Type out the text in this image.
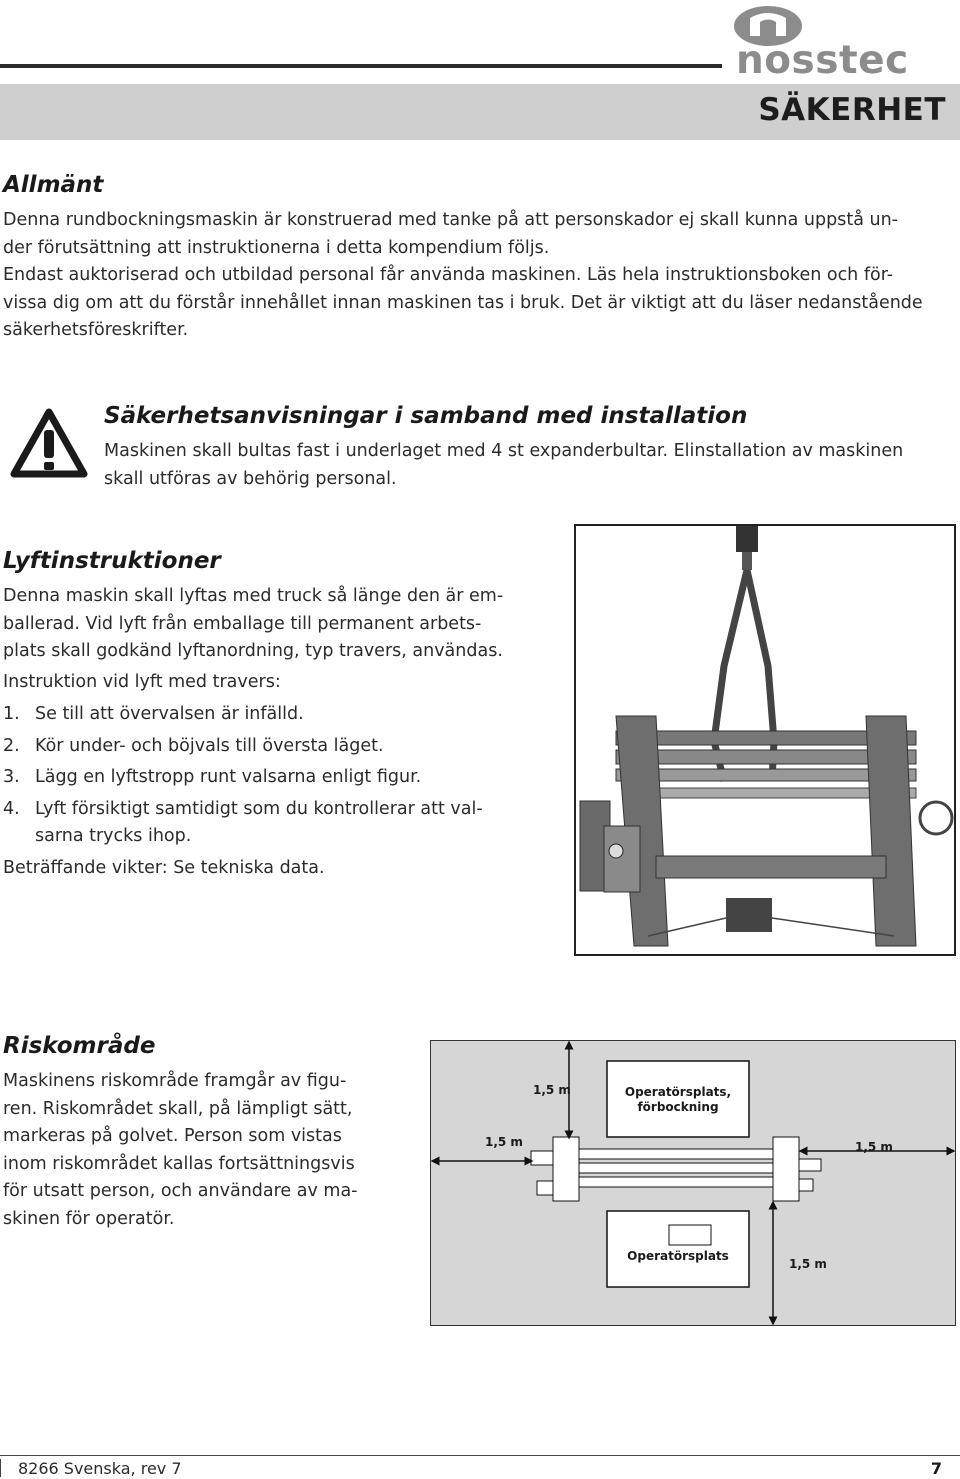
nosstec
SÄKERHET
Allmänt
Denna rundbockningsmaskin är konstruerad med tanke på att personskador ej skall kunna uppstå un-
der förutsättning att instruktionerna i detta kompendium följs.
Endast auktoriserad och utbildad personal får använda maskinen. Läs hela instruktionsboken och för-
vissa dig om att du förstår innehållet innan maskinen tas i bruk. Det är viktigt att du läser nedanstående
säkerhetsföreskrifter.
Säkerhetsanvisningar i samband med installation
Maskinen skall bultas fast i underlaget med 4 st expanderbultar. Elinstallation av maskinen
skall utföras av behörig personal.
Lyftinstruktioner
Denna maskin skall lyftas med truck så länge den är em-
ballerad. Vid lyft från emballage till permanent arbets-
plats skall godkänd lyftanordning, typ travers, användas.
Instruktion vid lyft med travers:
1. Se till att övervalsen är infälld.
2. Kör under- och böjvals till översta läget.
3. Lägg en lyftstropp runt valsarna enligt figur.
4. Lyft försiktigt samtidigt som du kontrollerar att val-
sarna trycks ihop.
Beträffande vikter: Se tekniska data.
Riskområde
Maskinens riskområde framgår av figu-
ren. Riskområdet skall, på lämpligt sätt,
markeras på golvet. Person som vistas
inom riskområdet kallas fortsättningsvis
för utsatt person, och användare av ma-
skinen för operatör.
1,5 m
1,5 m	1,5 m
1,5 m
Operatörsplats,
förbockning
Operatörsplats
8266 Svenska, rev 7	7
